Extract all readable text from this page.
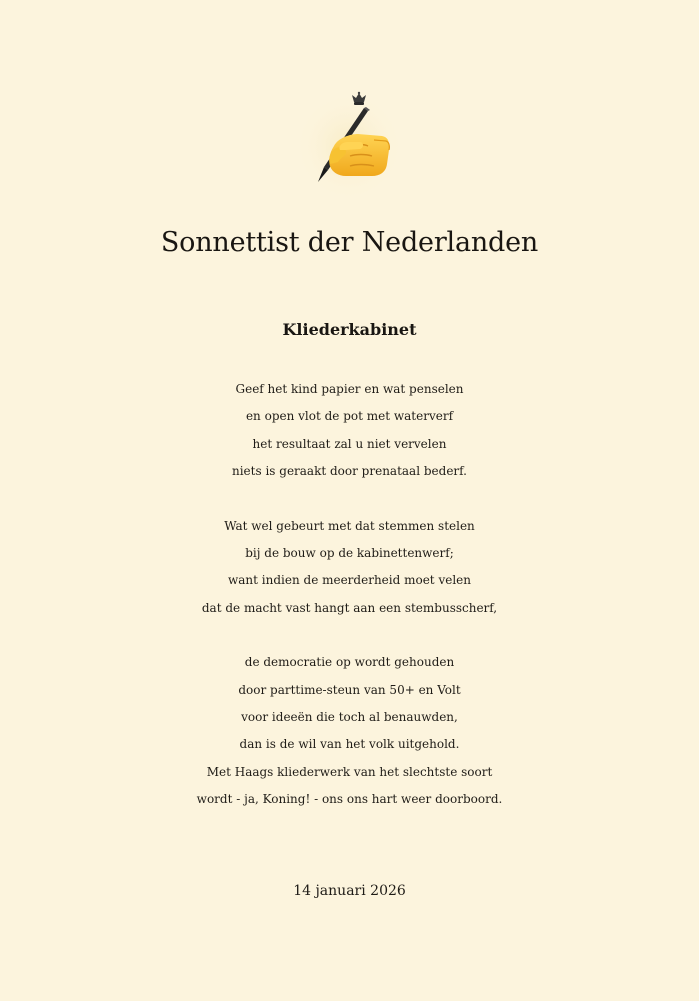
Sonnettist der Nederlanden
Kliederkabinet
Geef het kind papier en wat penselen
en open vlot de pot met waterverf
het resultaat zal u niet vervelen
niets is geraakt door prenataal bederf.
Wat wel gebeurt met dat stemmen stelen
bij de bouw op de kabinettenwerf;
want indien de meerderheid moet velen
dat de macht vast hangt aan een stembusscherf,
de democratie op wordt gehouden
door parttime-steun van 50+ en Volt
voor ideeën die toch al benauwden,
dan is de wil van het volk uitgehold.
Met Haags kliederwerk van het slechtste soort
wordt - ja, Koning! - ons ons hart weer doorboord.
14 januari 2026
